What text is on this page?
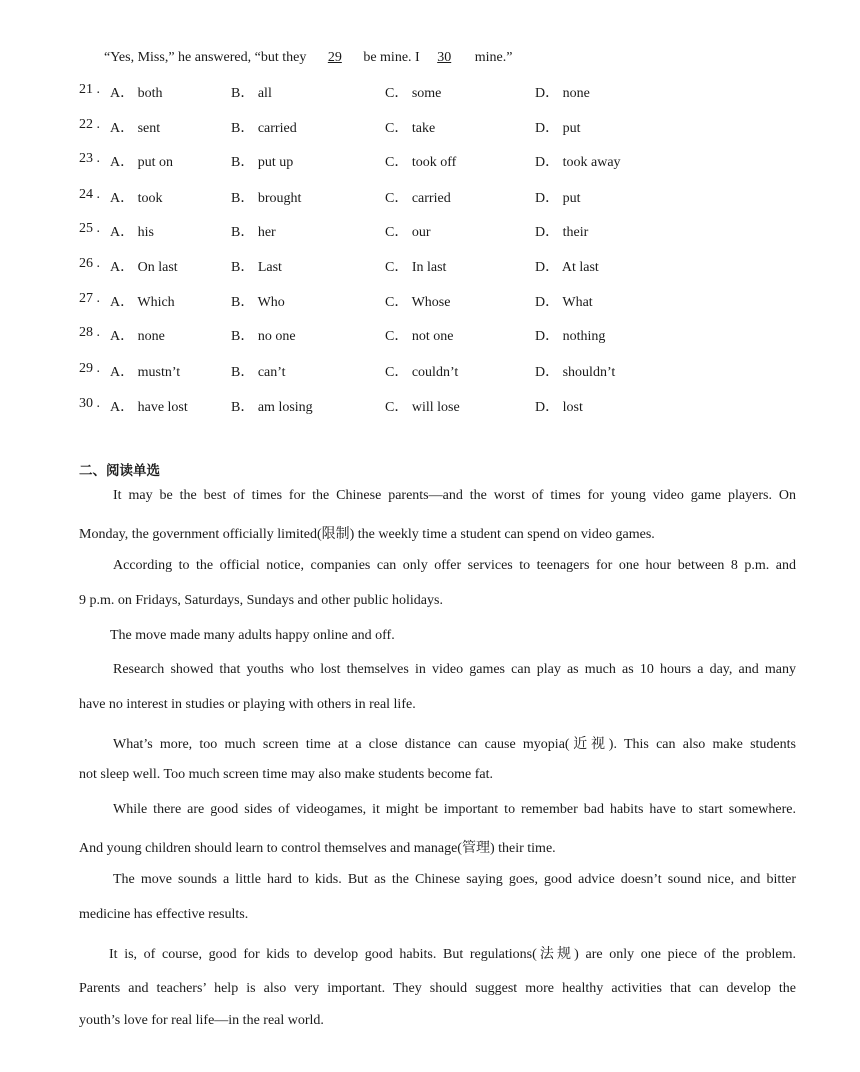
“Yes, Miss,” he answered, “but they 29 be mine. I 30 mine.”
21 . A． both	B． all	C． some	D． none
22 . A． sent	B． carried	C． take	D． put
23 . A． put on	B． put up	C． took off	D． took away
24 . A． took	B． brought	C． carried	D． put
25 . A． his	B． her	C． our	D． their
26 . A． On last	B． Last	C． In last	D． At last
27 . A． Which	B． Who	C． Whose	D． What
28 . A． none	B． no one	C． not one	D． nothing
29 . A． mustn’t	B． can’t	C． couldn’t	D． shouldn’t
30 . A． have lost	B． am losing	C． will lose	D． lost
二、阅读单选
It may be the best of times for the Chinese parents—and the worst of times for young video game players. On
Monday, the government officially limited(限制) the weekly time a student can spend on video games.
According to the official notice, companies can only offer services to teenagers for one hour between 8 p.m. and
9 p.m. on Fridays, Saturdays, Sundays and other public holidays.
The move made many adults happy online and off.
Research showed that youths who lost themselves in video games can play as much as 10 hours a day, and many
have no interest in studies or playing with others in real life.
What’s more, too much screen time at a close distance can cause myopia(近视). This can also make students
not sleep well. Too much screen time may also make students become fat.
While there are good sides of videogames, it might be important to remember bad habits have to start somewhere.
And young children should learn to control themselves and manage(管理) their time.
The move sounds a little hard to kids. But as the Chinese saying goes, good advice doesn’t sound nice, and bitter
medicine has effective results.
It is, of course, good for kids to develop good habits. But regulations(法规) are only one piece of the problem.
Parents and teachers’ help is also very important. They should suggest more healthy activities that can develop the
youth’s love for real life—in the real world.
